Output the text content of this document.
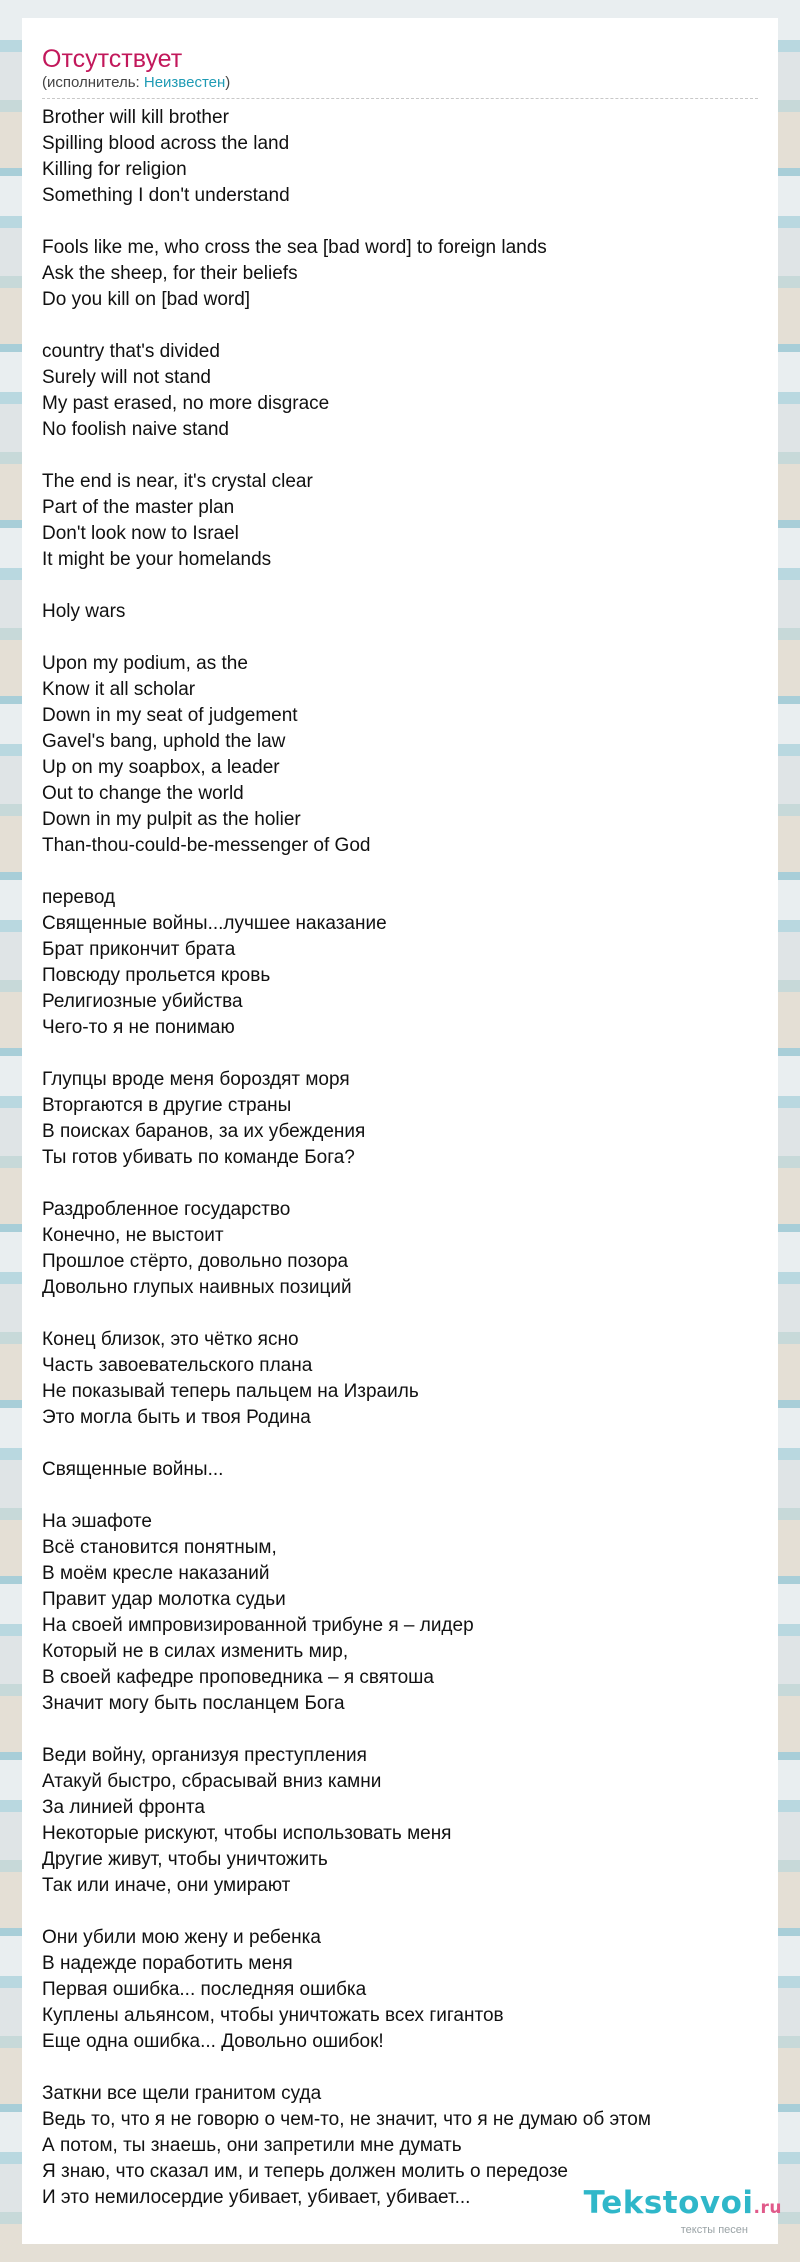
Отсутствует
(исполнитель: Неизвестен)
Brother will kill brother
Spilling blood across the land
Killing for religion
Something I don't understand
Fools like me, who cross the sea [bad word] to foreign lands
Ask the sheep, for their beliefs
Do you kill on [bad word]
country that's divided
Surely will not stand
My past erased, no more disgrace
No foolish naive stand
The end is near, it's crystal clear
Part of the master plan
Don't look now to Israel
It might be your homelands
Holy wars
Upon my podium, as the
Know it all scholar
Down in my seat of judgement
Gavel's bang, uphold the law
Up on my soapbox, a leader
Out to change the world
Down in my pulpit as the holier
Than-thou-could-be-messenger of God
перевод
Священные войны...лучшее наказание
Брат прикончит брата
Повсюду прольется кровь
Религиозные убийства
Чего-то я не понимаю
Глупцы вроде меня бороздят моря
Вторгаются в другие страны
В поисках баранов, за их убеждения
Ты готов убивать по команде Бога?
Раздробленное государство
Конечно, не выстоит
Прошлое стёрто, довольно позора
Довольно глупых наивных позиций
Конец близок, это чётко ясно
Часть завоевательского плана
Не показывай теперь пальцем на Израиль
Это могла быть и твоя Родина
Священные войны...
На эшафоте
Всё становится понятным,
В моём кресле наказаний
Правит удар молотка судьи
На своей импровизированной трибуне я – лидер
Который не в силах изменить мир,
В своей кафедре проповедника – я святоша
Значит могу быть посланцем Бога
Веди войну, организуя преступления
Атакуй быстро, сбрасывай вниз камни
За линией фронта
Некоторые рискуют, чтобы использовать меня
Другие живут, чтобы уничтожить
Так или иначе, они умирают
Они убили мою жену и ребенка
В надежде поработить меня
Первая ошибка... последняя ошибка
Куплены альянсом, чтобы уничтожать всех гигантов
Еще одна ошибка... Довольно ошибок!
Заткни все щели гранитом суда
Ведь то, что я не говорю о чем-то, не значит, что я не думаю об этом
А потом, ты знаешь, они запретили мне думать
Я знаю, что сказал им, и теперь должен молить о передозе
И это немилосердие убивает, убивает, убивает...	Tekstovoi.ru
тексты песен
